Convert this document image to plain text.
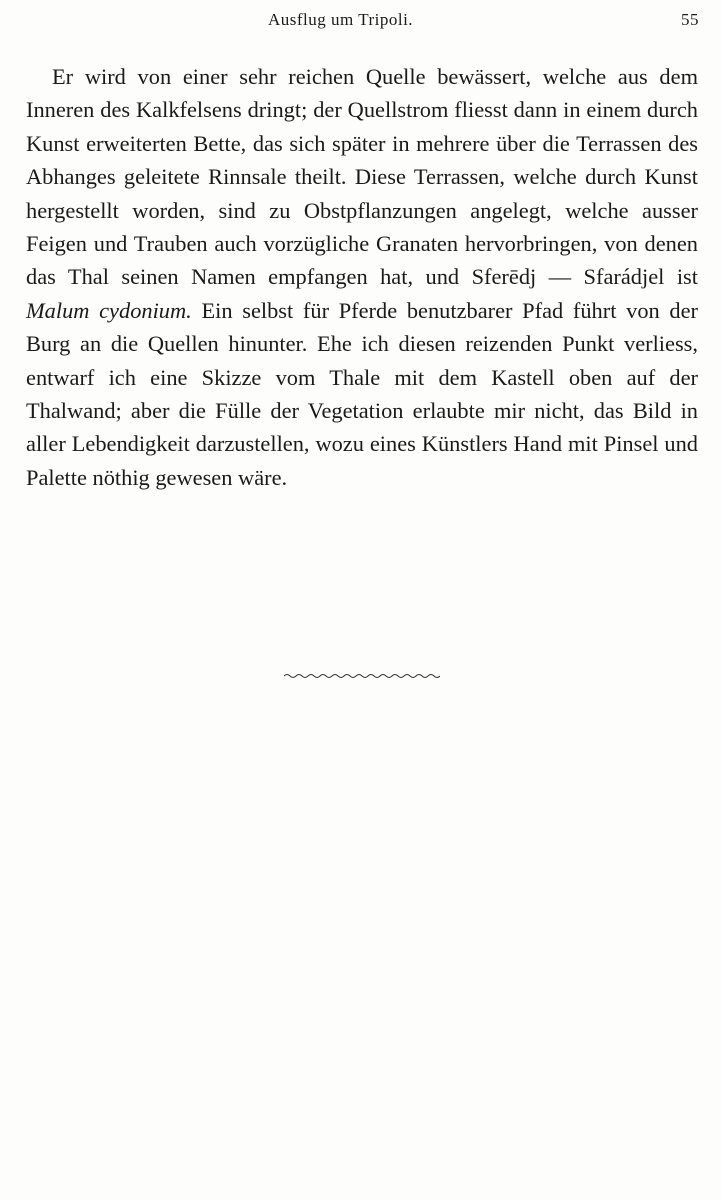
Ausflug um Tripoli.	55

Er wird von einer sehr reichen Quelle bewässert, welche aus dem Inneren des Kalkfelsens dringt; der Quellstrom fliesst dann in einem durch Kunst erweiterten Bette, das sich später in mehrere über die Terrassen des Abhanges geleitete Rinnsale theilt. Diese Terrassen, welche durch Kunst hergestellt worden, sind zu Obstpflanzungen angelegt, welche ausser Feigen und Trauben auch vorzügliche Granaten hervorbringen, von denen das Thal seinen Namen empfangen hat, und Sferēdj — Sfarádjel ist Malum cydonium. Ein selbst für Pferde benutzbarer Pfad führt von der Burg an die Quellen hinunter. Ehe ich diesen reizenden Punkt verliess, entwarf ich eine Skizze vom Thale mit dem Kastell oben auf der Thalwand; aber die Fülle der Vegetation erlaubte mir nicht, das Bild in aller Lebendigkeit darzustellen, wozu eines Künstlers Hand mit Pinsel und Palette nöthig gewesen wäre.
